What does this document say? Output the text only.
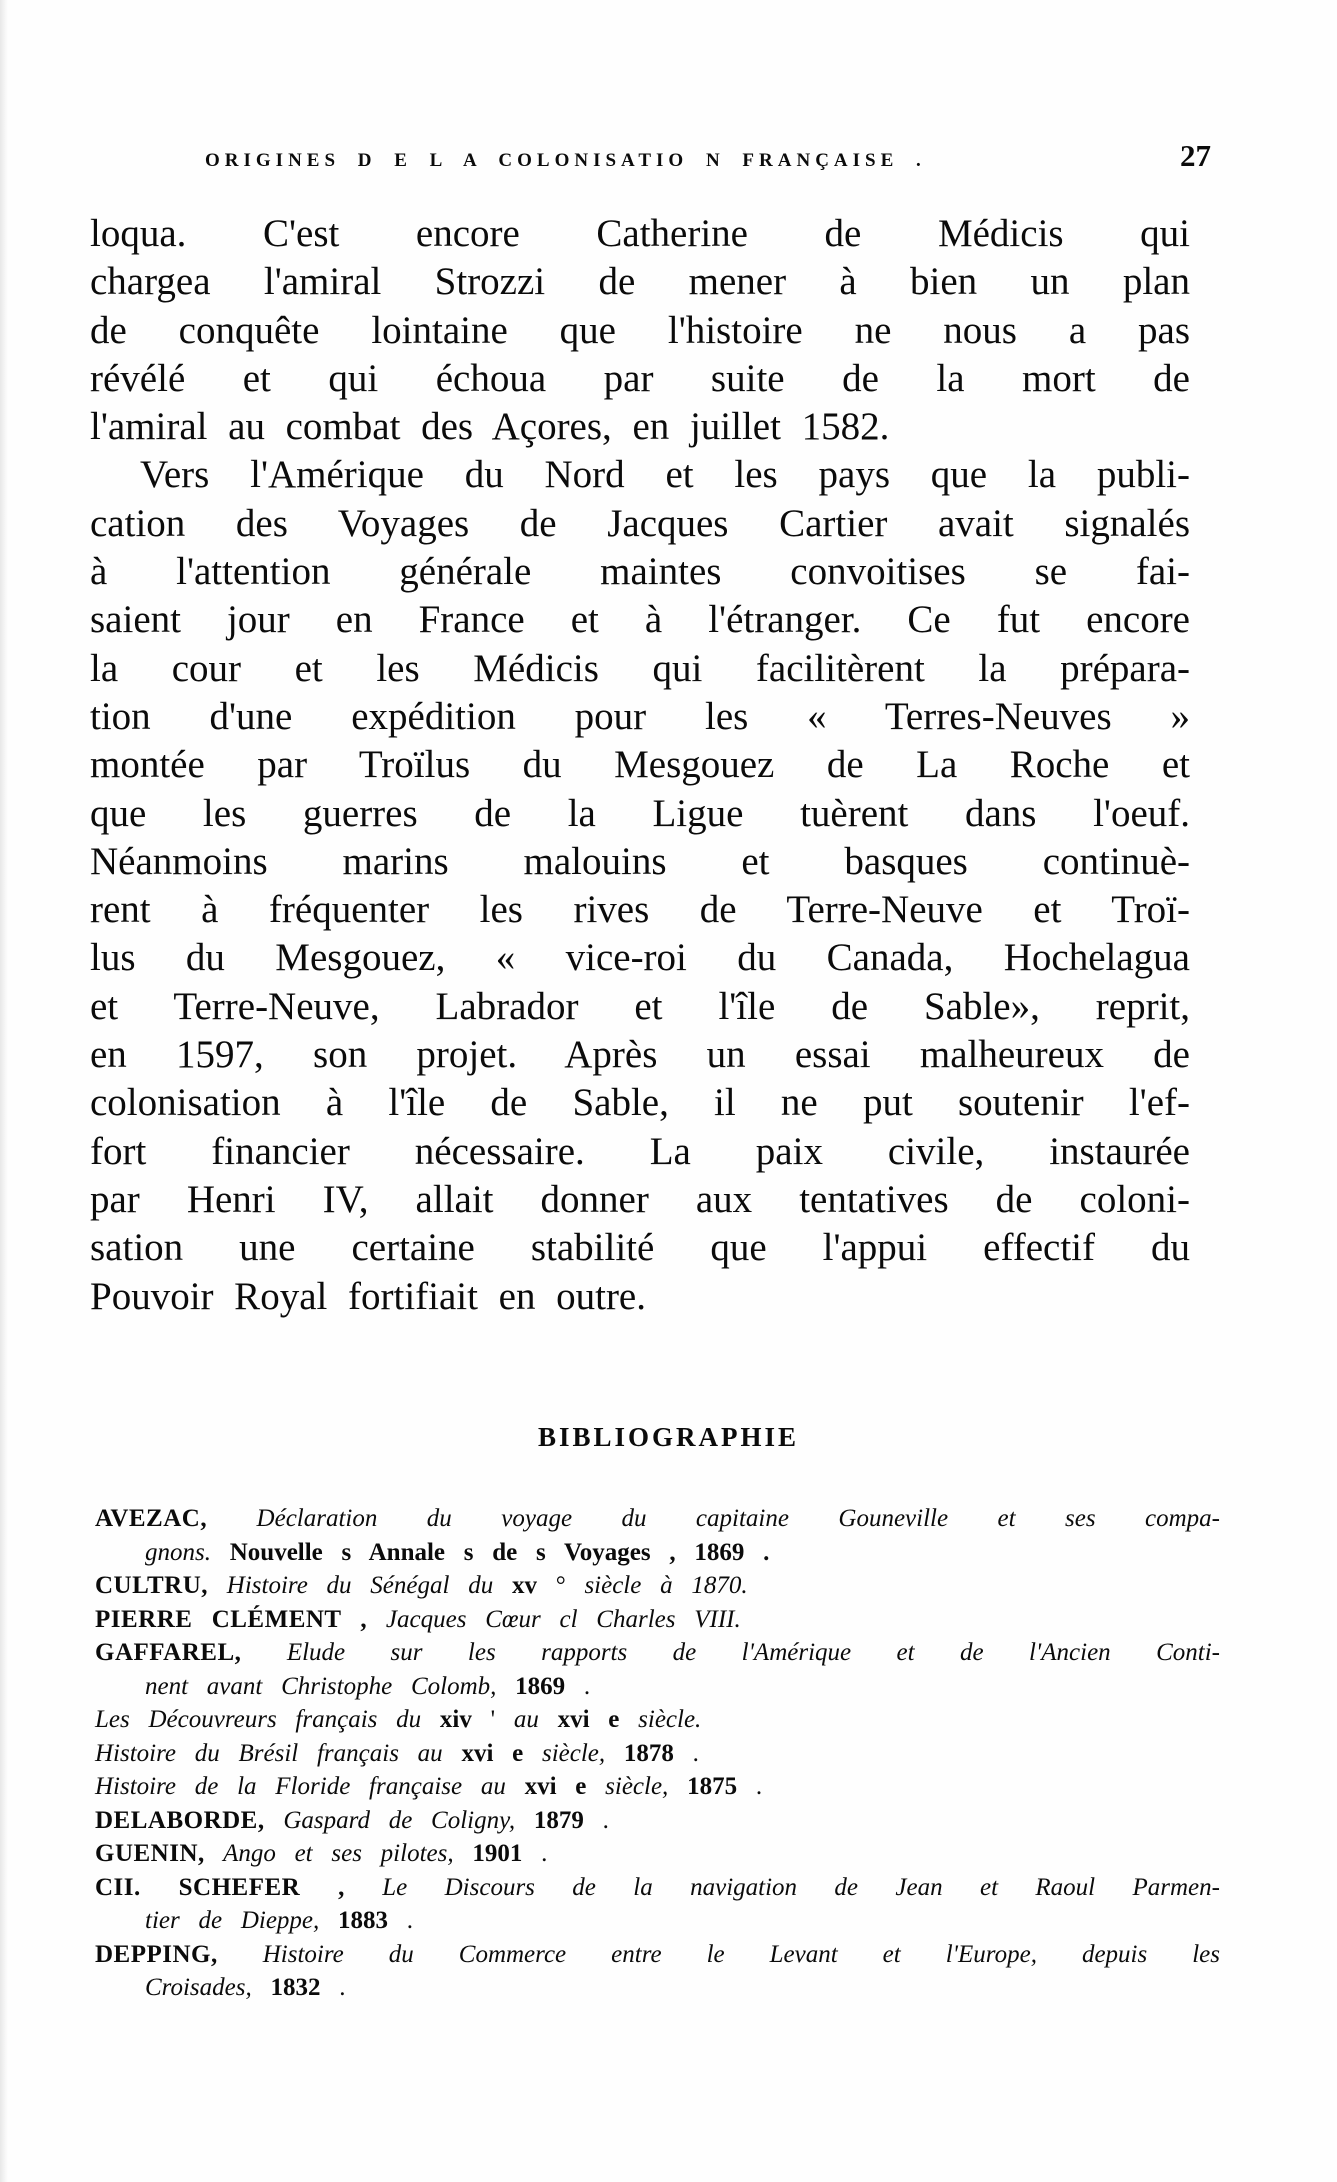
ORIGINES D E L A COLONISATIO N FRANÇAISE .	27
loqua. C'est encore Catherine de Médicis qui
chargea l'amiral Strozzi de mener à bien un plan
de conquête lointaine que l'histoire ne nous a pas
révélé et qui échoua par suite de la mort de
l'amiral au combat des Açores, en juillet 1582.
Vers l'Amérique du Nord et les pays que la publi-
cation des Voyages de Jacques Cartier avait signalés
à l'attention générale maintes convoitises se fai-
saient jour en France et à l'étranger. Ce fut encore
la cour et les Médicis qui facilitèrent la prépara-
tion d'une expédition pour les « Terres-Neuves »
montée par Troïlus du Mesgouez de La Roche et
que les guerres de la Ligue tuèrent dans l'oeuf.
Néanmoins marins malouins et basques continuè-
rent à fréquenter les rives de Terre-Neuve et Troï-
lus du Mesgouez, « vice-roi du Canada, Hochelagua
et Terre-Neuve, Labrador et l'île de Sable», reprit,
en 1597, son projet. Après un essai malheureux de
colonisation à l'île de Sable, il ne put soutenir l'ef-
fort financier nécessaire. La paix civile, instaurée
par Henri IV, allait donner aux tentatives de coloni-
sation une certaine stabilité que l'appui effectif du
Pouvoir Royal fortifiait en outre.
BIBLIOGRAPHIE
AVEZAC, Déclaration du voyage du capitaine Gouneville et ses compa-
gnons. Nouvelle s Annale s de s Voyages , 1869 .
CULTRU, Histoire du Sénégal du xv ° siècle à 1870.
PIERRE CLÉMENT , Jacques Cœur cl Charles VIII.
GAFFAREL, Elude sur les rapports de l'Amérique et de l'Ancien Conti-
nent avant Christophe Colomb, 1869 .
Les Découvreurs français du xiv ' au xvi e siècle.
Histoire du Brésil français au xvi e siècle, 1878 .
Histoire de la Floride française au xvi e siècle, 1875 .
DELABORDE, Gaspard de Coligny, 1879 .
GUENIN, Ango et ses pilotes, 1901 .
CII. SCHEFER , Le Discours de la navigation de Jean et Raoul Parmen-
tier de Dieppe, 1883 .
DEPPING, Histoire du Commerce entre le Levant et l'Europe, depuis les
Croisades, 1832 .
